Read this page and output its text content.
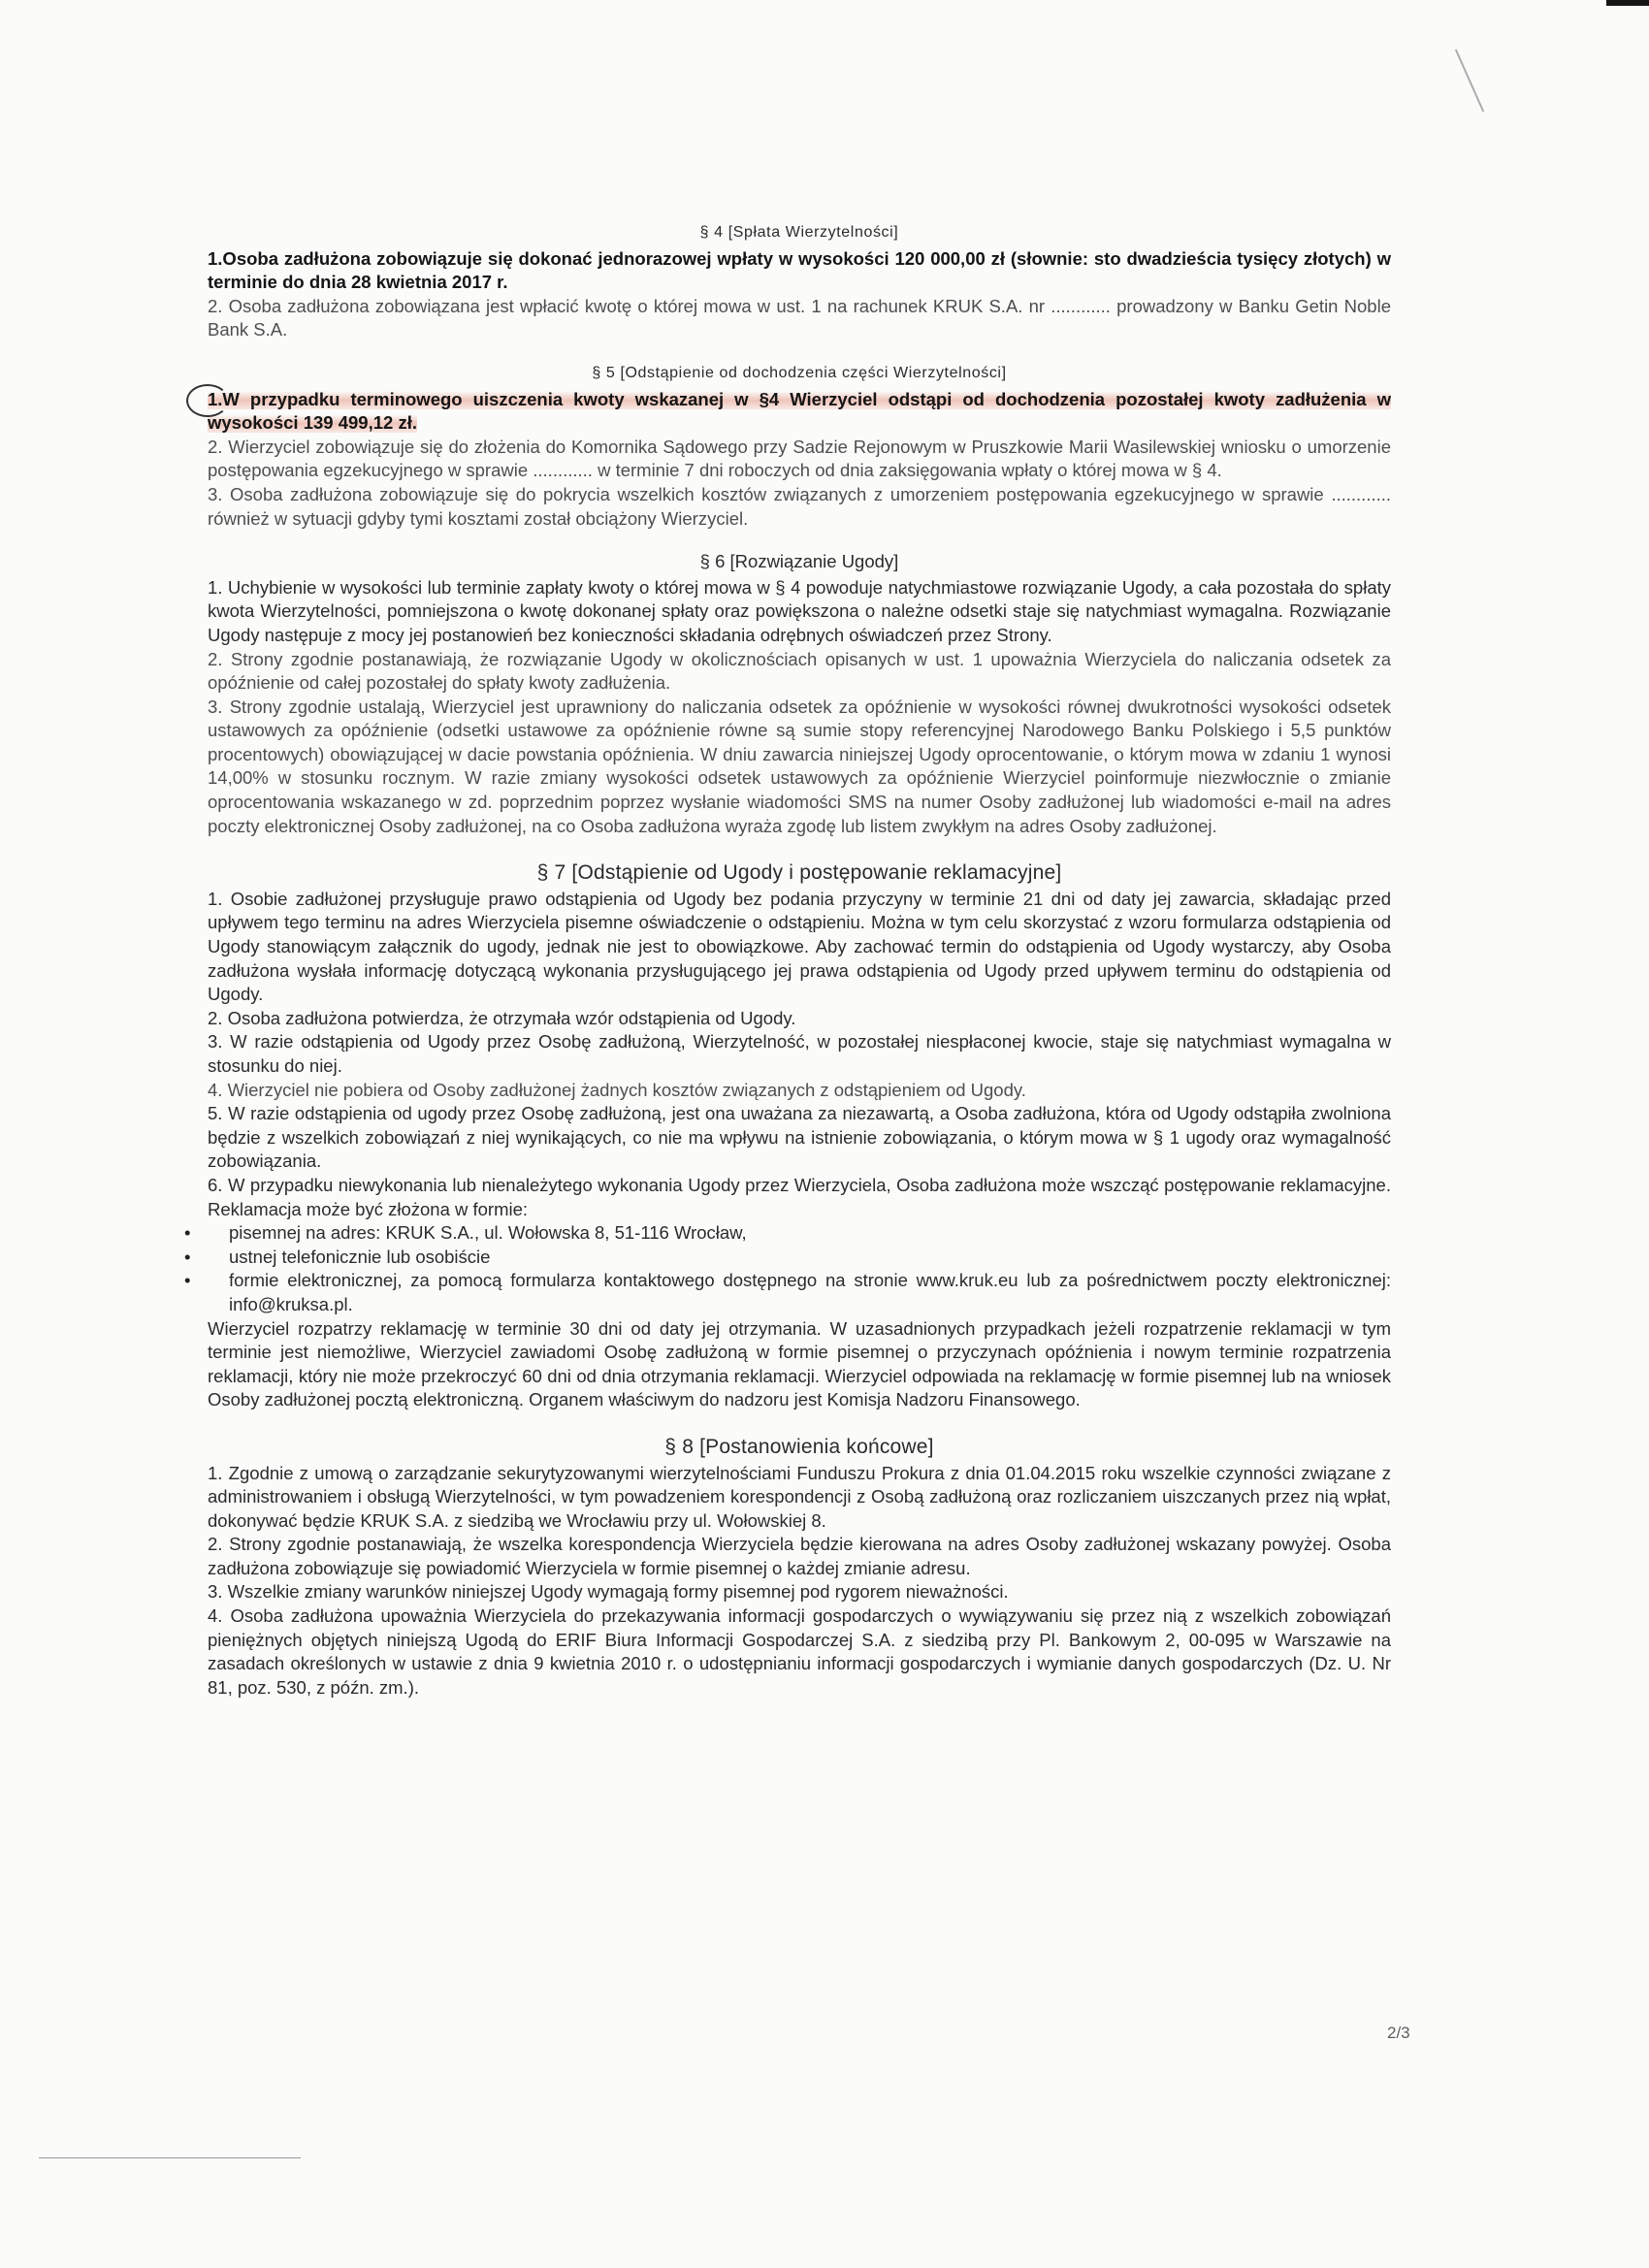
§ 4 [Spłata Wierzytelności]

1.Osoba zadłużona zobowiązuje się dokonać jednorazowej wpłaty w wysokości 120 000,00 zł (słownie: sto dwadzieścia tysięcy złotych) w terminie do dnia 28 kwietnia 2017 r.

2. Osoba zadłużona zobowiązana jest wpłacić kwotę o której mowa w ust. 1 na rachunek KRUK S.A. nr ............ prowadzony w Banku Getin Noble Bank S.A.

§ 5 [Odstąpienie od dochodzenia części Wierzytelności]

1.W przypadku terminowego uiszczenia kwoty wskazanej w §4 Wierzyciel odstąpi od dochodzenia pozostałej kwoty zadłużenia w wysokości 139 499,12 zł.

2. Wierzyciel zobowiązuje się do złożenia do Komornika Sądowego przy Sadzie Rejonowym w Pruszkowie Marii Wasilewskiej wniosku o umorzenie postępowania egzekucyjnego w sprawie ............ w terminie 7 dni roboczych od dnia zaksięgowania wpłaty o której mowa w § 4.

3. Osoba zadłużona zobowiązuje się do pokrycia wszelkich kosztów związanych z umorzeniem postępowania egzekucyjnego w sprawie ............ również w sytuacji gdyby tymi kosztami został obciążony Wierzyciel.

§ 6 [Rozwiązanie Ugody]

1. Uchybienie w wysokości lub terminie zapłaty kwoty o której mowa w § 4 powoduje natychmiastowe rozwiązanie Ugody, a cała pozostała do spłaty kwota Wierzytelności, pomniejszona o kwotę dokonanej spłaty oraz powiększona o należne odsetki staje się natychmiast wymagalna. Rozwiązanie Ugody następuje z mocy jej postanowień bez konieczności składania odrębnych oświadczeń przez Strony.

2. Strony zgodnie postanawiają, że rozwiązanie Ugody w okolicznościach opisanych w ust. 1 upoważnia Wierzyciela do naliczania odsetek za opóźnienie od całej pozostałej do spłaty kwoty zadłużenia.

3. Strony zgodnie ustalają, Wierzyciel jest uprawniony do naliczania odsetek za opóźnienie w wysokości równej dwukrotności wysokości odsetek ustawowych za opóźnienie (odsetki ustawowe za opóźnienie równe są sumie stopy referencyjnej Narodowego Banku Polskiego i 5,5 punktów procentowych) obowiązującej w dacie powstania opóźnienia. W dniu zawarcia niniejszej Ugody oprocentowanie, o którym mowa w zdaniu 1 wynosi 14,00% w stosunku rocznym. W razie zmiany wysokości odsetek ustawowych za opóźnienie Wierzyciel poinformuje niezwłocznie o zmianie oprocentowania wskazanego w zd. poprzednim poprzez wysłanie wiadomości SMS na numer Osoby zadłużonej lub wiadomości e-mail na adres poczty elektronicznej Osoby zadłużonej, na co Osoba zadłużona wyraża zgodę lub listem zwykłym na adres Osoby zadłużonej.

§ 7 [Odstąpienie od Ugody i postępowanie reklamacyjne]

1. Osobie zadłużonej przysługuje prawo odstąpienia od Ugody bez podania przyczyny w terminie 21 dni od daty jej zawarcia, składając przed upływem tego terminu na adres Wierzyciela pisemne oświadczenie o odstąpieniu. Można w tym celu skorzystać z wzoru formularza odstąpienia od Ugody stanowiącym załącznik do ugody, jednak nie jest to obowiązkowe. Aby zachować termin do odstąpienia od Ugody wystarczy, aby Osoba zadłużona wysłała informację dotyczącą wykonania przysługującego jej prawa odstąpienia od Ugody przed upływem terminu do odstąpienia od Ugody.

2. Osoba zadłużona potwierdza, że otrzymała wzór odstąpienia od Ugody.

3. W razie odstąpienia od Ugody przez Osobę zadłużoną, Wierzytelność, w pozostałej niespłaconej kwocie, staje się natychmiast wymagalna w stosunku do niej.

4. Wierzyciel nie pobiera od Osoby zadłużonej żadnych kosztów związanych z odstąpieniem od Ugody.

5. W razie odstąpienia od ugody przez Osobę zadłużoną, jest ona uważana za niezawartą, a Osoba zadłużona, która od Ugody odstąpiła zwolniona będzie z wszelkich zobowiązań z niej wynikających, co nie ma wpływu na istnienie zobowiązania, o którym mowa w § 1 ugody oraz wymagalność zobowiązania.

6. W przypadku niewykonania lub nienależytego wykonania Ugody przez Wierzyciela, Osoba zadłużona może wszcząć postępowanie reklamacyjne. Reklamacja może być złożona w formie:

• pisemnej na adres: KRUK S.A., ul. Wołowska 8, 51-116 Wrocław,
• ustnej telefonicznie lub osobiście
• formie elektronicznej, za pomocą formularza kontaktowego dostępnego na stronie www.kruk.eu lub za pośrednictwem poczty elektronicznej: info@kruksa.pl.

Wierzyciel rozpatrzy reklamację w terminie 30 dni od daty jej otrzymania. W uzasadnionych przypadkach jeżeli rozpatrzenie reklamacji w tym terminie jest niemożliwe, Wierzyciel zawiadomi Osobę zadłużoną w formie pisemnej o przyczynach opóźnienia i nowym terminie rozpatrzenia reklamacji, który nie może przekroczyć 60 dni od dnia otrzymania reklamacji. Wierzyciel odpowiada na reklamację w formie pisemnej lub na wniosek Osoby zadłużonej pocztą elektroniczną. Organem właściwym do nadzoru jest Komisja Nadzoru Finansowego.

§ 8 [Postanowienia końcowe]

1. Zgodnie z umową o zarządzanie sekurytyzowanymi wierzytelnościami Funduszu Prokura z dnia 01.04.2015 roku wszelkie czynności związane z administrowaniem i obsługą Wierzytelności, w tym powadzeniem korespondencji z Osobą zadłużoną oraz rozliczaniem uiszczanych przez nią wpłat, dokonywać będzie KRUK S.A. z siedzibą we Wrocławiu przy ul. Wołowskiej 8.

2. Strony zgodnie postanawiają, że wszelka korespondencja Wierzyciela będzie kierowana na adres Osoby zadłużonej wskazany powyżej. Osoba zadłużona zobowiązuje się powiadomić Wierzyciela w formie pisemnej o każdej zmianie adresu.

3. Wszelkie zmiany warunków niniejszej Ugody wymagają formy pisemnej pod rygorem nieważności.

4. Osoba zadłużona upoważnia Wierzyciela do przekazywania informacji gospodarczych o wywiązywaniu się przez nią z wszelkich zobowiązań pieniężnych objętych niniejszą Ugodą do ERIF Biura Informacji Gospodarczej S.A. z siedzibą przy Pl. Bankowym 2, 00-095 w Warszawie na zasadach określonych w ustawie z dnia 9 kwietnia 2010 r. o udostępnianiu informacji gospodarczych i wymianie danych gospodarczych (Dz. U. Nr 81, poz. 530, z późn. zm.).

2/3
